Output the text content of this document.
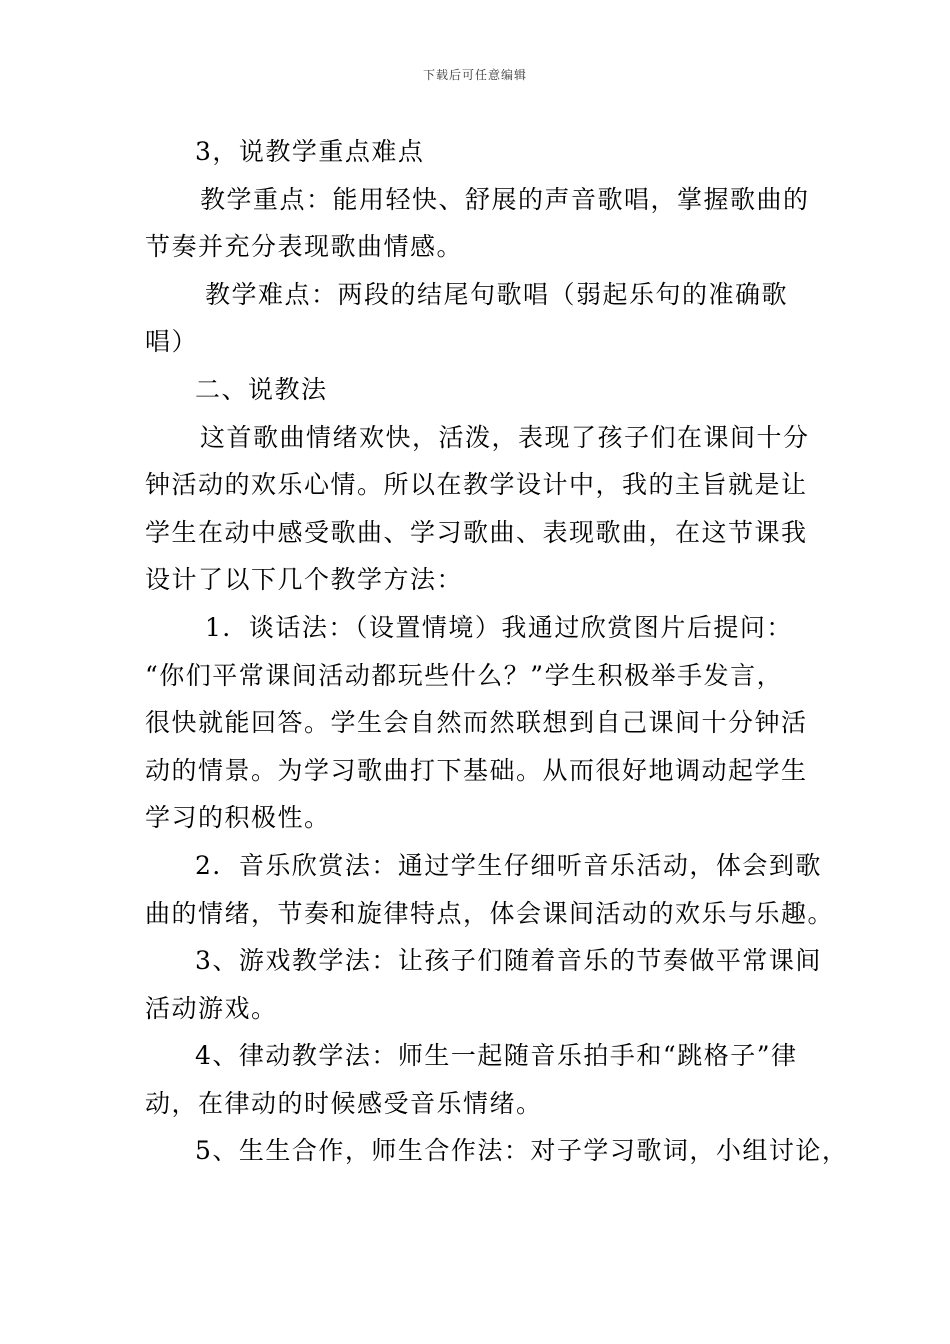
下载后可任意编辑
3，说教学重点难点
教学重点：能用轻快、舒展的声音歌唱，掌握歌曲的
节奏并充分表现歌曲情感。
教学难点：两段的结尾句歌唱（弱起乐句的准确歌
唱）
二、说教法
这首歌曲情绪欢快，活泼，表现了孩子们在课间十分
钟活动的欢乐心情。所以在教学设计中，我的主旨就是让
学生在动中感受歌曲、学习歌曲、表现歌曲，在这节课我
设计了以下几个教学方法：
1．谈话法：（设置情境）我通过欣赏图片后提问：
“你们平常课间活动都玩些什么？”学生积极举手发言，
很快就能回答。学生会自然而然联想到自己课间十分钟活
动的情景。为学习歌曲打下基础。从而很好地调动起学生
学习的积极性。
2．音乐欣赏法：通过学生仔细听音乐活动，体会到歌
曲的情绪，节奏和旋律特点，体会课间活动的欢乐与乐趣。
3、游戏教学法：让孩子们随着音乐的节奏做平常课间
活动游戏。
4、律动教学法：师生一起随音乐拍手和“跳格子”律
动，在律动的时候感受音乐情绪。
5、生生合作，师生合作法：对子学习歌词，小组讨论，
